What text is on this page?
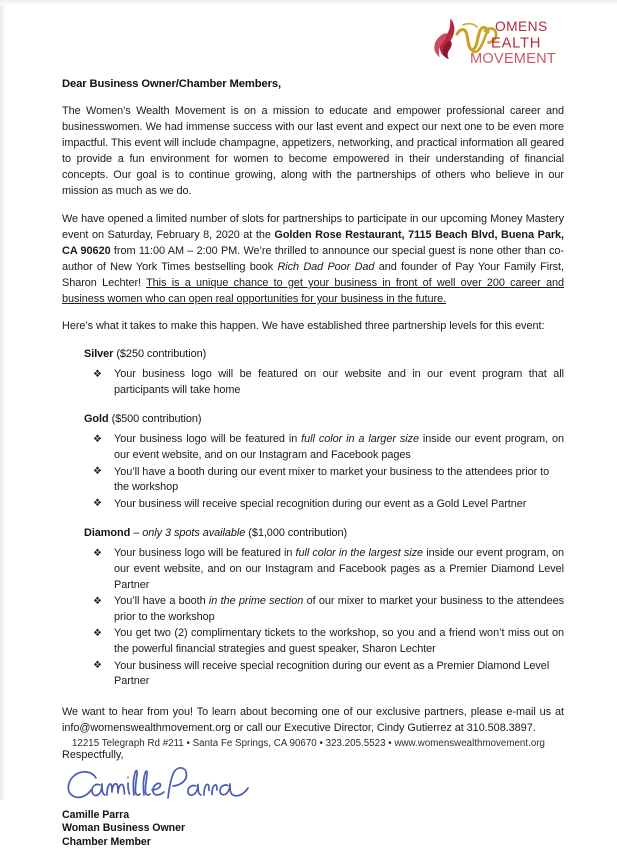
OMENS
EALTH
MOVEMENT
Dear Business Owner/Chamber Members,

The Women’s Wealth Movement is on a mission to educate and empower professional career and businesswomen. We had immense success with our last event and expect our next one to be even more impactful. This event will include champagne, appetizers, networking, and practical information all geared to provide a fun environment for women to become empowered in their understanding of financial concepts. Our goal is to continue growing, along with the partnerships of others who believe in our mission as much as we do.

We have opened a limited number of slots for partnerships to participate in our upcoming Money Mastery event on Saturday, February 8, 2020 at the Golden Rose Restaurant, 7115 Beach Blvd, Buena Park, CA 90620 from 11:00 AM – 2:00 PM. We’re thrilled to announce our special guest is none other than co-author of New York Times bestselling book Rich Dad Poor Dad and founder of Pay Your Family First, Sharon Lechter! This is a unique chance to get your business in front of well over 200 career and business women who can open real opportunities for your business in the future.

Here’s what it takes to make this happen. We have established three partnership levels for this event:

Silver ($250 contribution)
❖ Your business logo will be featured on our website and in our event program that all participants will take home
Gold ($500 contribution)
❖ Your business logo will be featured in full color in a larger size inside our event program, on our event website, and on our Instagram and Facebook pages
❖ You’ll have a booth during our event mixer to market your business to the attendees prior to the workshop
❖ Your business will receive special recognition during our event as a Gold Level Partner
Diamond – only 3 spots available ($1,000 contribution)
❖ Your business logo will be featured in full color in the largest size inside our event program, on our event website, and on our Instagram and Facebook pages as a Premier Diamond Level Partner
❖ You’ll have a booth in the prime section of our mixer to market your business to the attendees prior to the workshop
❖ You get two (2) complimentary tickets to the workshop, so you and a friend won’t miss out on the powerful financial strategies and guest speaker, Sharon Lechter
❖ Your business will receive special recognition during our event as a Premier Diamond Level Partner

We want to hear from you! To learn about becoming one of our exclusive partners, please e-mail us at info@womenswealthmovement.org or call our Executive Director, Cindy Gutierrez at 310.508.3897.

Respectfully,

Camille Parra

Woman Business Owner

Chamber Member

12215 Telegraph Rd #211 • Santa Fe Springs, CA 90670 • 323.205.5523 • www.womenswealthmovement.org
